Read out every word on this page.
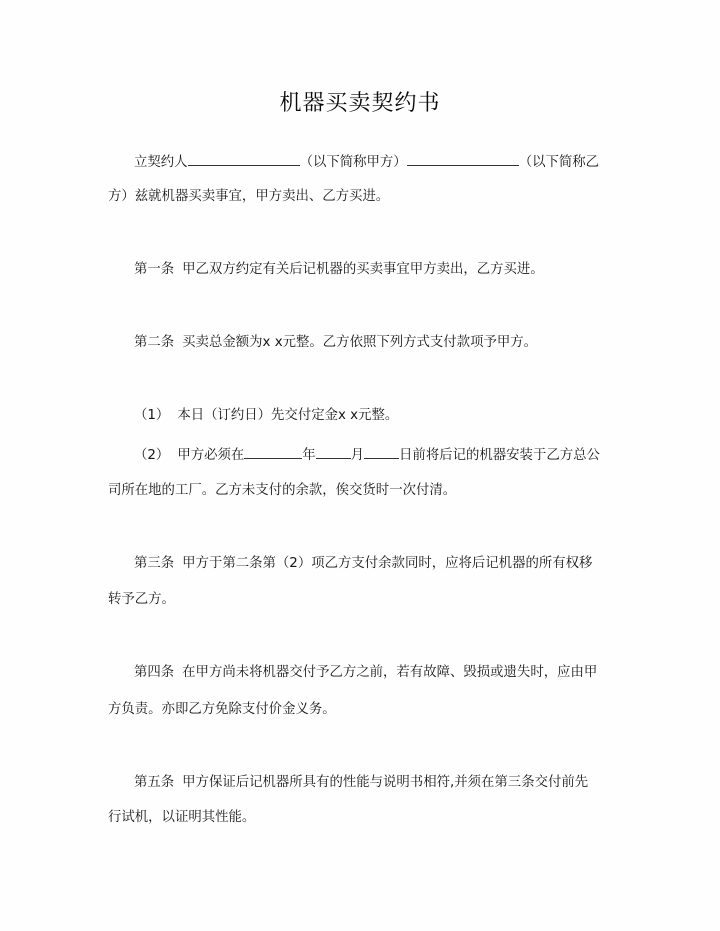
机器买卖契约书
立契约人	（以下简称甲方）	（以下简称乙
方）兹就机器买卖事宜，甲方卖出、乙方买进。
第一条 甲乙双方约定有关后记机器的买卖事宜甲方卖出，乙方买进。
第二条 买卖总金额为x x元整。乙方依照下列方式支付款项予甲方。
（1） 本日（订约日）先交付定金x x元整。
（2） 甲方必须在	年	月	日前将后记的机器安装于乙方总公
司所在地的工厂。乙方未支付的余款，俟交货时一次付清。
第三条 甲方于第二条第（2）项乙方支付余款同时，应将后记机器的所有权移
转予乙方。
第四条 在甲方尚未将机器交付予乙方之前，若有故障、毁损或遗失时，应由甲
方负责。亦即乙方免除支付价金义务。
第五条 甲方保证后记机器所具有的性能与说明书相符,并须在第三条交付前先
行试机，以证明其性能。
